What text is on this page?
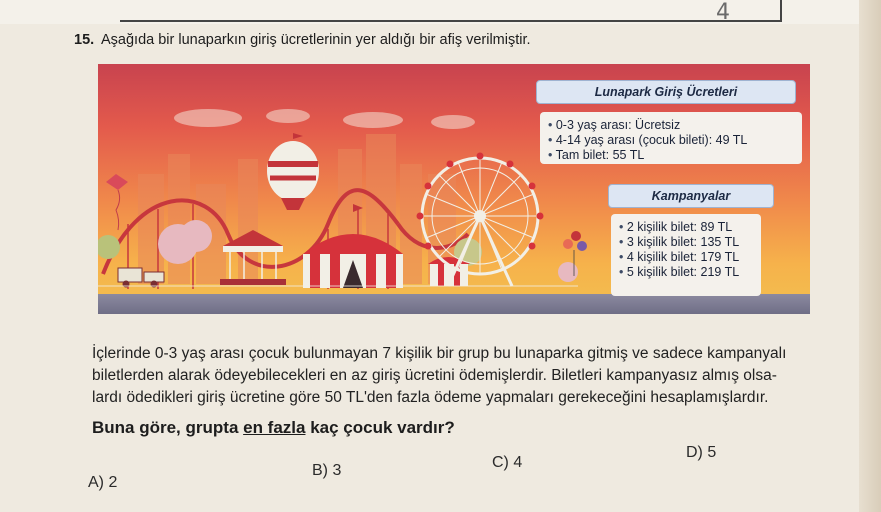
4
15. Aşağıda bir lunaparkın giriş ücretlerinin yer aldığı bir afiş verilmiştir.
Lunapark Giriş Ücretleri
• 0-3 yaş arası: Ücretsiz
• 4-14 yaş arası (çocuk bileti): 49 TL
• Tam bilet: 55 TL
Kampanyalar
• 2 kişilik bilet: 89 TL
• 3 kişilik bilet: 135 TL
• 4 kişilik bilet: 179 TL
• 5 kişilik bilet: 219 TL

İçlerinde 0-3 yaş arası çocuk bulunmayan 7 kişilik bir grup bu lunaparka gitmiş ve sadece kampanyalı

biletlerden alarak ödeyebilecekleri en az giriş ücretini ödemişlerdir. Biletleri kampanyasız almış olsa-

lardı ödedikleri giriş ücretine göre 50 TL'den fazla ödeme yapmaları gerekeceğini hesaplamışlardır.

Buna göre, grupta en fazla kaç çocuk vardır?
A) 2
B) 3	C) 4
D) 5
